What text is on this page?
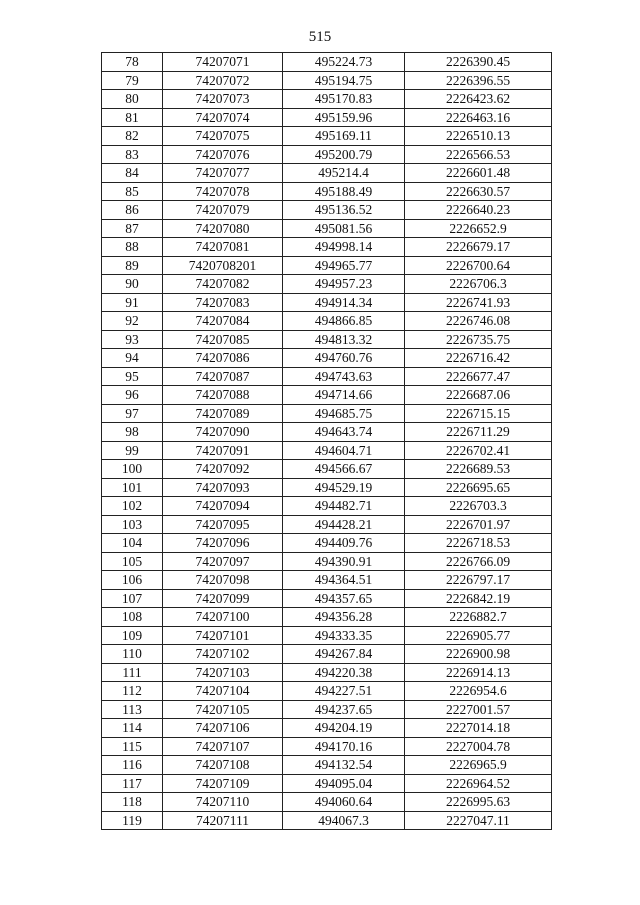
515
78	74207071	495224.73	2226390.45
79	74207072	495194.75	2226396.55
80	74207073	495170.83	2226423.62
81	74207074	495159.96	2226463.16
82	74207075	495169.11	2226510.13
83	74207076	495200.79	2226566.53
84	74207077	495214.4	2226601.48
85	74207078	495188.49	2226630.57
86	74207079	495136.52	2226640.23
87	74207080	495081.56	2226652.9
88	74207081	494998.14	2226679.17
89	7420708201	494965.77	2226700.64
90	74207082	494957.23	2226706.3
91	74207083	494914.34	2226741.93
92	74207084	494866.85	2226746.08
93	74207085	494813.32	2226735.75
94	74207086	494760.76	2226716.42
95	74207087	494743.63	2226677.47
96	74207088	494714.66	2226687.06
97	74207089	494685.75	2226715.15
98	74207090	494643.74	2226711.29
99	74207091	494604.71	2226702.41
100	74207092	494566.67	2226689.53
101	74207093	494529.19	2226695.65
102	74207094	494482.71	2226703.3
103	74207095	494428.21	2226701.97
104	74207096	494409.76	2226718.53
105	74207097	494390.91	2226766.09
106	74207098	494364.51	2226797.17
107	74207099	494357.65	2226842.19
108	74207100	494356.28	2226882.7
109	74207101	494333.35	2226905.77
110	74207102	494267.84	2226900.98
111	74207103	494220.38	2226914.13
112	74207104	494227.51	2226954.6
113	74207105	494237.65	2227001.57
114	74207106	494204.19	2227014.18
115	74207107	494170.16	2227004.78
116	74207108	494132.54	2226965.9
117	74207109	494095.04	2226964.52
118	74207110	494060.64	2226995.63
119	74207111	494067.3	2227047.11
